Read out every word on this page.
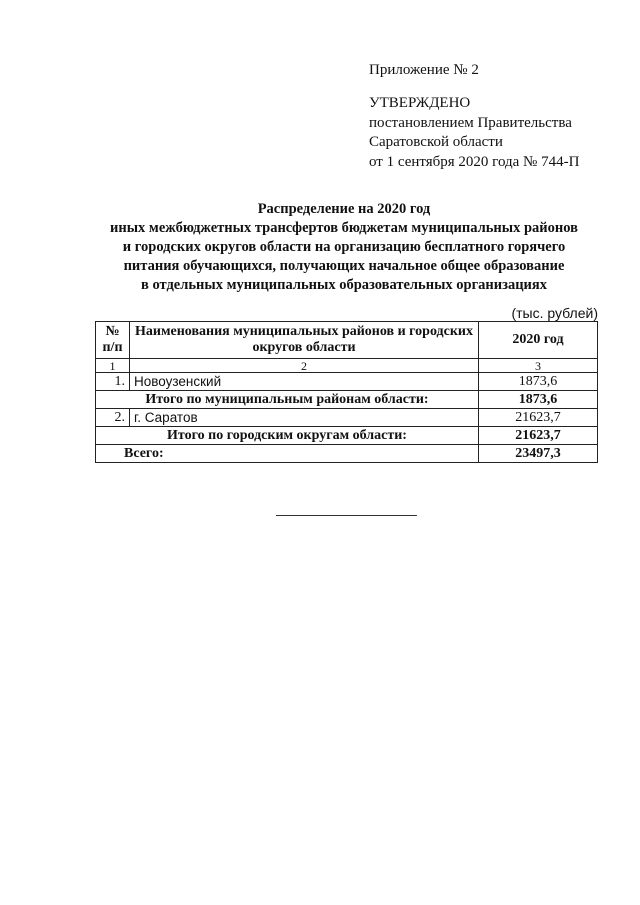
Приложение № 2
УТВЕРЖДЕНО
постановлением Правительства
Саратовской области
от 1 сентября 2020 года № 744-П
Распределение на 2020 год
иных межбюджетных трансфертов бюджетам муниципальных районов
и городских округов области на организацию бесплатного горячего
питания обучающихся, получающих начальное общее образование
в отдельных муниципальных образовательных организациях
(тыс. рублей)
№ п/п	Наименования муниципальных районов и городских округов области	2020 год
1	2	3
1.	Новоузенский	1873,6
Итого по муниципальным районам области:		1873,6
2.	г. Саратов	21623,7
Итого по городским округам области:		21623,7
Всего:		23497,3
